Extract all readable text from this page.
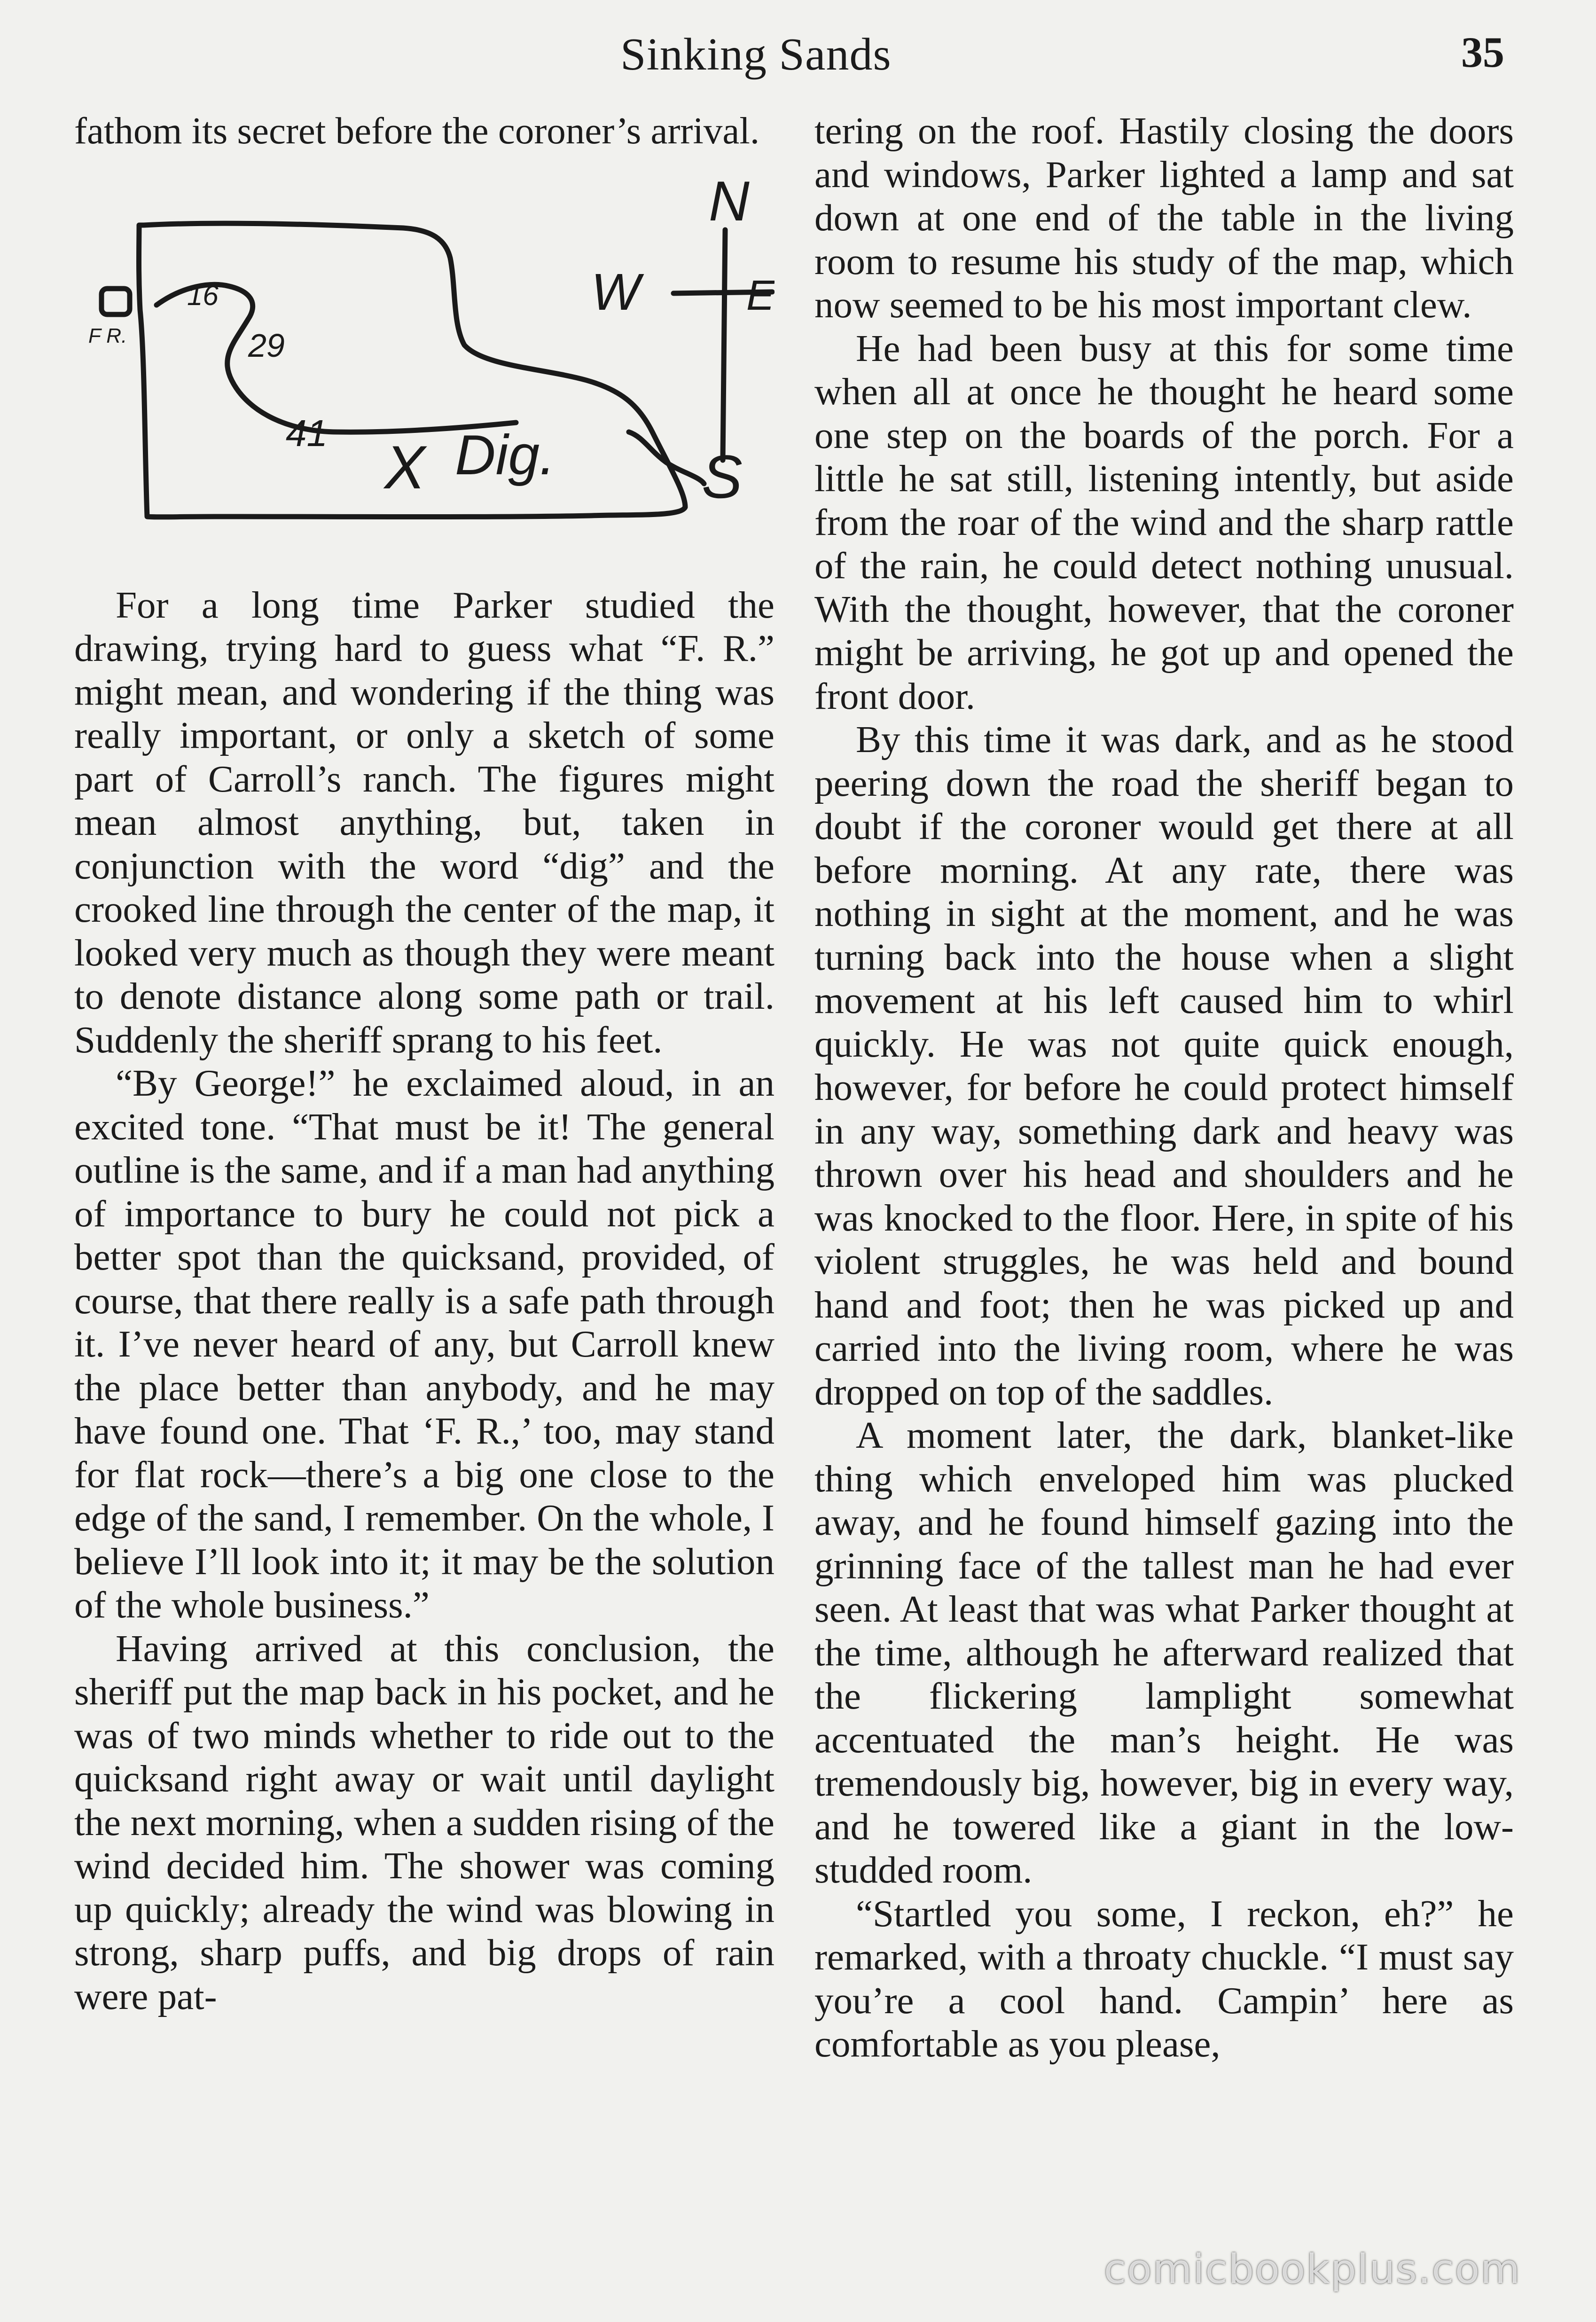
Sinking Sands	35

fathom its secret before the coroner’s arrival.

N
W	E
S
F R.
16
29
41 X Dig.

For a long time Parker studied the drawing, trying hard to guess what “F. R.” might mean, and wondering if the thing was really important, or only a sketch of some part of Carroll’s ranch. The figures might mean almost anything, but, taken in conjunction with the word “dig” and the crooked line through the center of the map, it looked very much as though they were meant to denote distance along some path or trail. Suddenly the sheriff sprang to his feet.

“By George!” he exclaimed aloud, in an excited tone. “That must be it! The general outline is the same, and if a man had anything of importance to bury he could not pick a better spot than the quicksand, provided, of course, that there really is a safe path through it. I’ve never heard of any, but Carroll knew the place better than anybody, and he may have found one. That ‘F. R.,’ too, may stand for flat rock—there’s a big one close to the edge of the sand, I remember. On the whole, I believe I’ll look into it; it may be the solution of the whole business.”

Having arrived at this conclusion, the sheriff put the map back in his pocket, and he was of two minds whether to ride out to the quicksand right away or wait until daylight the next morning, when a sudden rising of the wind decided him. The shower was coming up quickly; already the wind was blowing in strong, sharp puffs, and big drops of rain were pat-

tering on the roof. Hastily closing the doors and windows, Parker lighted a lamp and sat down at one end of the table in the living room to resume his study of the map, which now seemed to be his most important clew.

He had been busy at this for some time when all at once he thought he heard some one step on the boards of the porch. For a little he sat still, listening intently, but aside from the roar of the wind and the sharp rattle of the rain, he could detect nothing unusual. With the thought, however, that the coroner might be arriving, he got up and opened the front door.

By this time it was dark, and as he stood peering down the road the sheriff began to doubt if the coroner would get there at all before morning. At any rate, there was nothing in sight at the moment, and he was turning back into the house when a slight movement at his left caused him to whirl quickly. He was not quite quick enough, however, for before he could protect himself in any way, something dark and heavy was thrown over his head and shoulders and he was knocked to the floor. Here, in spite of his violent struggles, he was held and bound hand and foot; then he was picked up and carried into the living room, where he was dropped on top of the saddles.

A moment later, the dark, blanket-like thing which enveloped him was plucked away, and he found himself gazing into the grinning face of the tallest man he had ever seen. At least that was what Parker thought at the time, although he afterward realized that the flickering lamplight somewhat accentuated the man’s height. He was tremendously big, however, big in every way, and he towered like a giant in the low-studded room.

“Startled you some, I reckon, eh?” he remarked, with a throaty chuckle. “I must say you’re a cool hand. Campin’ here as comfortable as you please,

comicbookplus.com
